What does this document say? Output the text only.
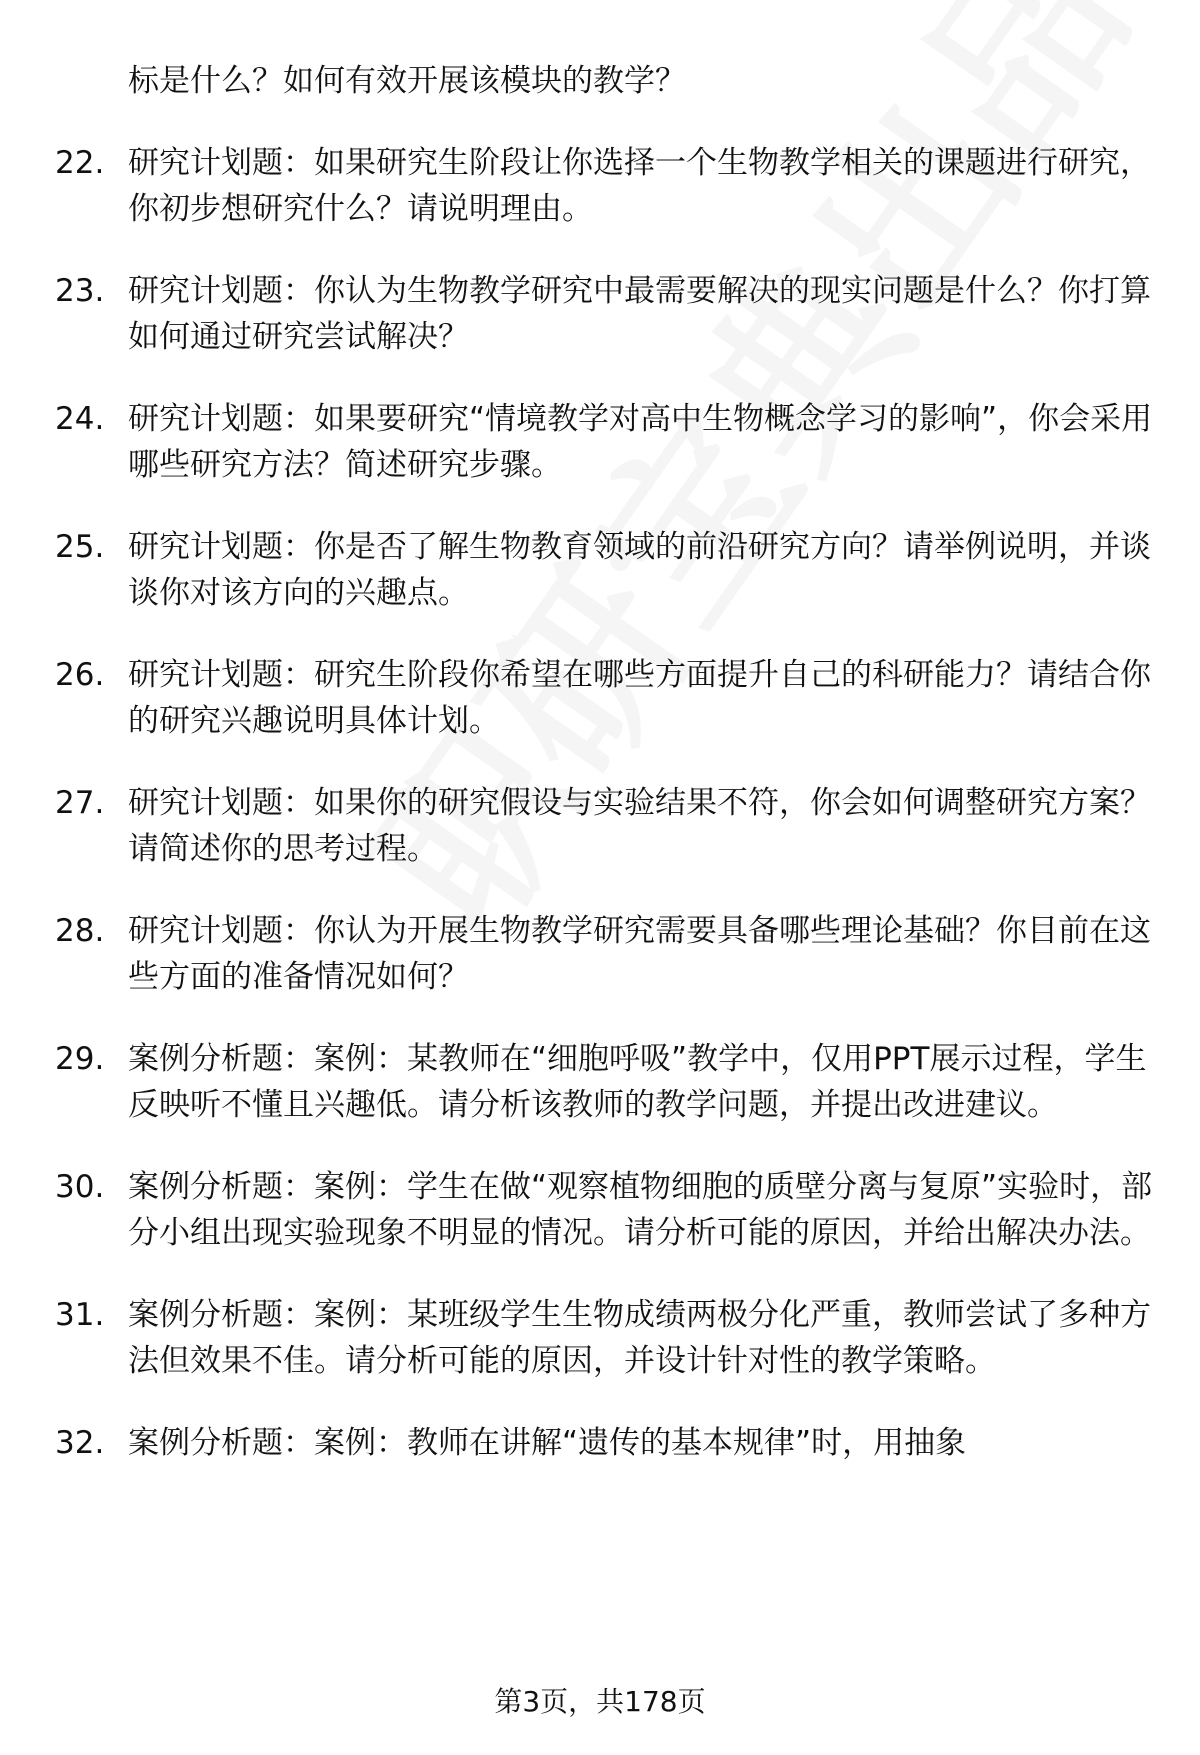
标是什么？如何有效开展该模块的教学？
22. 研究计划题：如果研究生阶段让你选择一个生物教学相关的课题进行研究，你初步想研究什么？请说明理由。
23. 研究计划题：你认为生物教学研究中最需要解决的现实问题是什么？你打算如何通过研究尝试解决？
24. 研究计划题：如果要研究“情境教学对高中生物概念学习的影响”，你会采用哪些研究方法？简述研究步骤。
25. 研究计划题：你是否了解生物教育领域的前沿研究方向？请举例说明，并谈谈你对该方向的兴趣点。
26. 研究计划题：研究生阶段你希望在哪些方面提升自己的科研能力？请结合你的研究兴趣说明具体计划。
27. 研究计划题：如果你的研究假设与实验结果不符，你会如何调整研究方案？请简述你的思考过程。
28. 研究计划题：你认为开展生物教学研究需要具备哪些理论基础？你目前在这些方面的准备情况如何？
29. 案例分析题：案例：某教师在“细胞呼吸”教学中，仅用PPT展示过程，学生反映听不懂且兴趣低。请分析该教师的教学问题，并提出改进建议。
30. 案例分析题：案例：学生在做“观察植物细胞的质壁分离与复原”实验时，部分小组出现实验现象不明显的情况。请分析可能的原因，并给出解决办法。
31. 案例分析题：案例：某班级学生生物成绩两极分化严重，教师尝试了多种方法但效果不佳。请分析可能的原因，并设计针对性的教学策略。
32. 案例分析题：案例：教师在讲解“遗传的基本规律”时，用抽象
第3页，共178页
